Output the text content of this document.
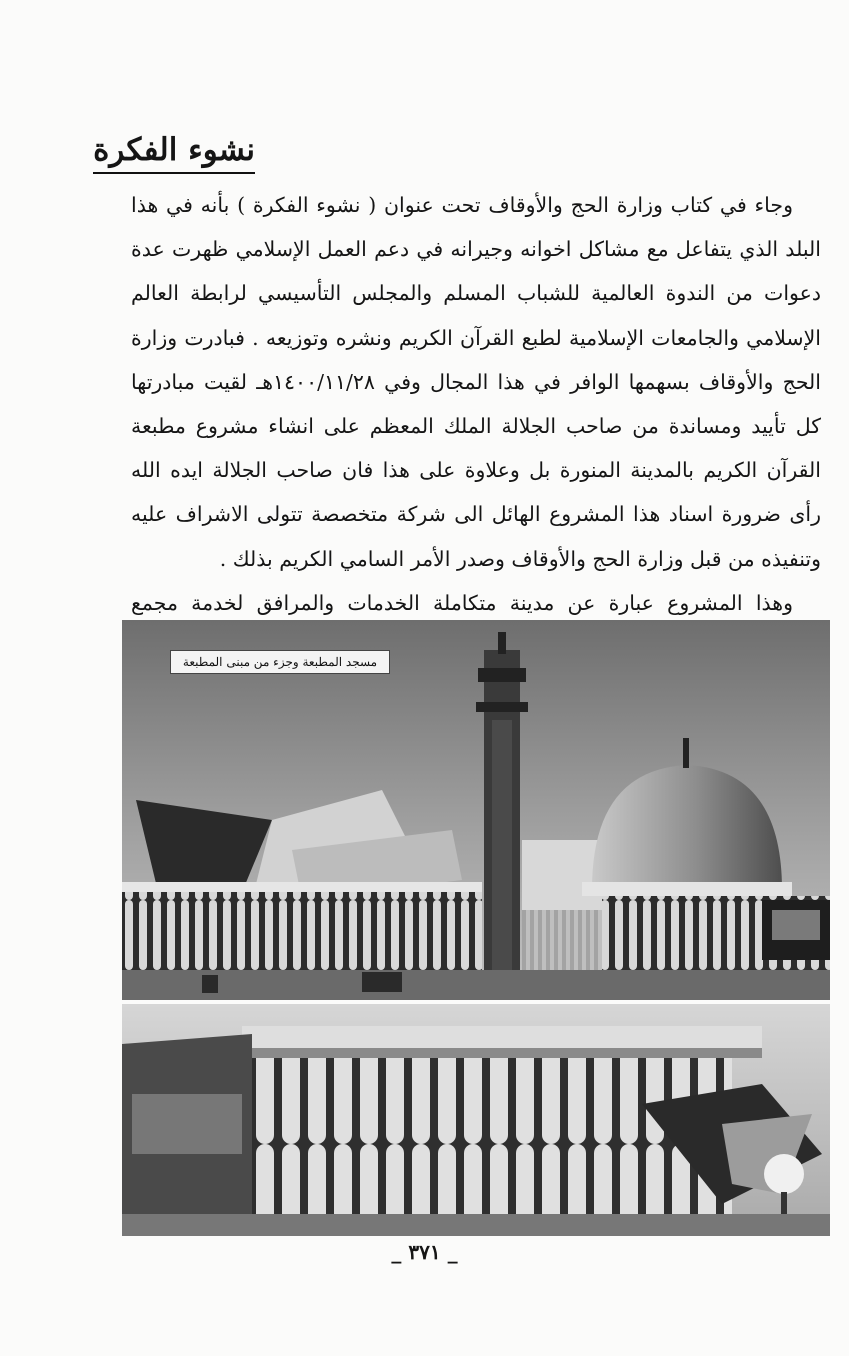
نشوء الفكرة

وجاء في كتاب وزارة الحج والأوقاف تحت عنوان ( نشوء الفكرة ) بأنه في هذا البلد الذي يتفاعل مع مشاكل اخوانه وجيرانه في دعم العمل الإسلامي ظهرت عدة دعوات من الندوة العالمية للشباب المسلم والمجلس التأسيسي لرابطة العالم الإسلامي والجامعات الإسلامية لطبع القرآن الكريم ونشره وتوزيعه . فبادرت وزارة الحج والأوقاف بسهمها الوافر في هذا المجال وفي ١٤٠٠/١١/٢٨هـ لقيت مبادرتها كل تأييد ومساندة من صاحب الجلالة الملك المعظم على انشاء مشروع مطبعة القرآن الكريم بالمدينة المنورة بل وعلاوة على هذا فان صاحب الجلالة ايده الله رأى ضرورة اسناد هذا المشروع الهائل الى شركة متخصصة تتولى الاشراف عليه وتنفيذه من قبل وزارة الحج والأوقاف وصدر الأمر السامي الكريم بذلك .

وهذا المشروع عبارة عن مدينة متكاملة الخدمات والمرافق لخدمة مجمع

مسجد المطبعة وجزء من مبنى المطبعة
_ ٣٧١ _
